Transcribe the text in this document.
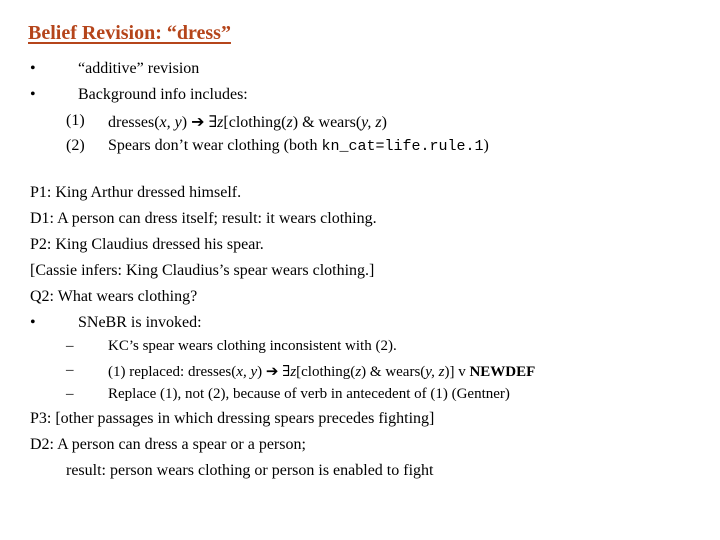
Belief Revision: “dress”
•	“additive” revision
•	Background info includes:
(1) dresses(x, y) ➔ ∃z[clothing(z) & wears(y, z)
(2) Spears don’t wear clothing (both kn_cat=life.rule.1)
P1: King Arthur dressed himself.
D1: A person can dress itself; result: it wears clothing.
P2: King Claudius dressed his spear.
[Cassie infers: King Claudius’s spear wears clothing.]
Q2: What wears clothing?
•	SNeBR is invoked:
– KC’s spear wears clothing inconsistent with (2).
– (1) replaced: dresses(x, y) ➔ ∃z[clothing(z) & wears(y, z)] v NEWDEF
– Replace (1), not (2), because of verb in antecedent of (1) (Gentner)
P3: [other passages in which dressing spears precedes fighting]
D2: A person can dress a spear or a person;
result: person wears clothing or person is enabled to fight
